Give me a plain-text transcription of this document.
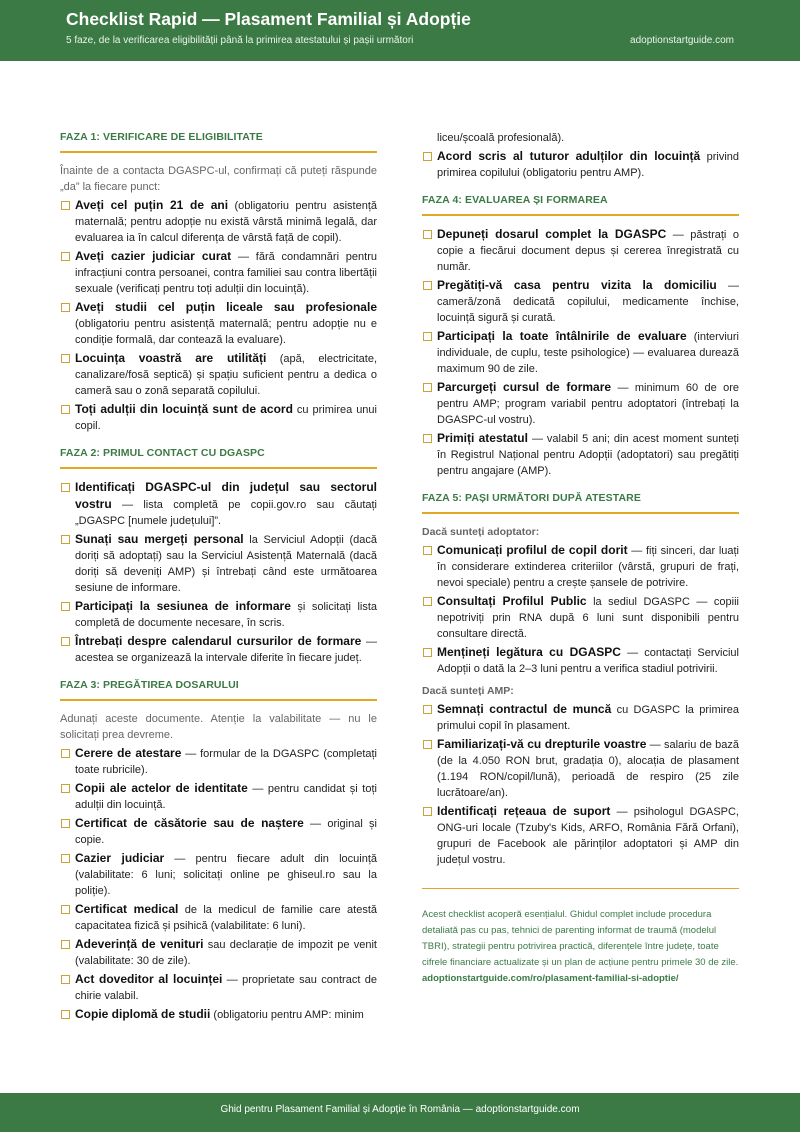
Checklist Rapid — Plasament Familial și Adopție
5 faze, de la verificarea eligibilității până la primirea atestatului și pașii următori	adoptionstartguide.com
FAZA 1: VERIFICARE DE ELIGIBILITATE
Înainte de a contacta DGASPC-ul, confirmați că puteți răspunde „da” la fiecare punct:
Aveți cel puțin 21 de ani (obligatoriu pentru asistență maternală; pentru adopție nu există vârstă minimă legală, dar evaluarea ia în calcul diferența de vârstă față de copil).
Aveți cazier judiciar curat — fără condamnări pentru infracțiuni contra persoanei, contra familiei sau contra libertății sexuale (verificați pentru toți adulții din locuință).
Aveți studii cel puțin liceale sau profesionale (obligatoriu pentru asistență maternală; pentru adopție nu e condiție formală, dar contează la evaluare).
Locuința voastră are utilități (apă, electricitate, canalizare/fosă septică) și spațiu suficient pentru a dedica o cameră sau o zonă separată copilului.
Toți adulții din locuință sunt de acord cu primirea unui copil.
FAZA 2: PRIMUL CONTACT CU DGASPC
Identificați DGASPC-ul din județul sau sectorul vostru — lista completă pe copii.gov.ro sau căutați „DGASPC [numele județului]”.
Sunați sau mergeți personal la Serviciul Adopții (dacă doriți să adoptați) sau la Serviciul Asistență Maternală (dacă doriți să deveniți AMP) și întrebați când este următoarea sesiune de informare.
Participați la sesiunea de informare și solicitați lista completă de documente necesare, în scris.
Întrebați despre calendarul cursurilor de formare — acestea se organizează la intervale diferite în fiecare județ.
FAZA 3: PREGĂTIREA DOSARULUI
Adunați aceste documente. Atenție la valabilitate — nu le solicitați prea devreme.
Cerere de atestare — formular de la DGASPC (completați toate rubricile).
Copii ale actelor de identitate — pentru candidat și toți adulții din locuință.
Certificat de căsătorie sau de naștere — original și copie.
Cazier judiciar — pentru fiecare adult din locuință (valabilitate: 6 luni; solicitați online pe ghiseul.ro sau la poliție).
Certificat medical de la medicul de familie care atestă capacitatea fizică și psihică (valabilitate: 6 luni).
Adeverință de venituri sau declarație de impozit pe venit (valabilitate: 30 de zile).
Act doveditor al locuinței — proprietate sau contract de chirie valabil.
Copie diplomă de studii (obligatoriu pentru AMP: minim
liceu/școală profesională).
Acord scris al tuturor adulților din locuință privind primirea copilului (obligatoriu pentru AMP).
FAZA 4: EVALUAREA ȘI FORMAREA
Depuneți dosarul complet la DGASPC — păstrați o copie a fiecărui document depus și cererea înregistrată cu număr.
Pregătiți-vă casa pentru vizita la domiciliu — cameră/zonă dedicată copilului, medicamente închise, locuință sigură și curată.
Participați la toate întâlnirile de evaluare (interviuri individuale, de cuplu, teste psihologice) — evaluarea durează maximum 90 de zile.
Parcurgeți cursul de formare — minimum 60 de ore pentru AMP; program variabil pentru adoptatori (întrebați la DGASPC-ul vostru).
Primiți atestatul — valabil 5 ani; din acest moment sunteți în Registrul Național pentru Adopții (adoptatori) sau pregătiți pentru angajare (AMP).
FAZA 5: PAȘI URMĂTORI DUPĂ ATESTARE
Dacă sunteți adoptator:
Comunicați profilul de copil dorit — fiți sinceri, dar luați în considerare extinderea criteriilor (vârstă, grupuri de frați, nevoi speciale) pentru a crește șansele de potrivire.
Consultați Profilul Public la sediul DGASPC — copiii nepotriviți prin RNA după 6 luni sunt disponibili pentru consultare directă.
Mențineți legătura cu DGASPC — contactați Serviciul Adopții o dată la 2–3 luni pentru a verifica stadiul potrivirii.
Dacă sunteți AMP:
Semnați contractul de muncă cu DGASPC la primirea primului copil în plasament.
Familiarizați-vă cu drepturile voastre — salariu de bază (de la 4.050 RON brut, gradația 0), alocația de plasament (1.194 RON/copil/lună), perioadă de respiro (25 zile lucrătoare/an).
Identificați rețeaua de suport — psihologul DGASPC, ONG-uri locale (Tzuby's Kids, ARFO, România Fără Orfani), grupuri de Facebook ale părinților adoptatori și AMP din județul vostru.
Acest checklist acoperă esențialul. Ghidul complet include procedura detaliată pas cu pas, tehnici de parenting informat de traumă (modelul TBRI), strategii pentru potrivirea practică, diferențele între județe, toate cifrele financiare actualizate și un plan de acțiune pentru primele 30 de zile.
adoptionstartguide.com/ro/plasament-familial-si-adoptie/
Ghid pentru Plasament Familial și Adopție în România — adoptionstartguide.com
